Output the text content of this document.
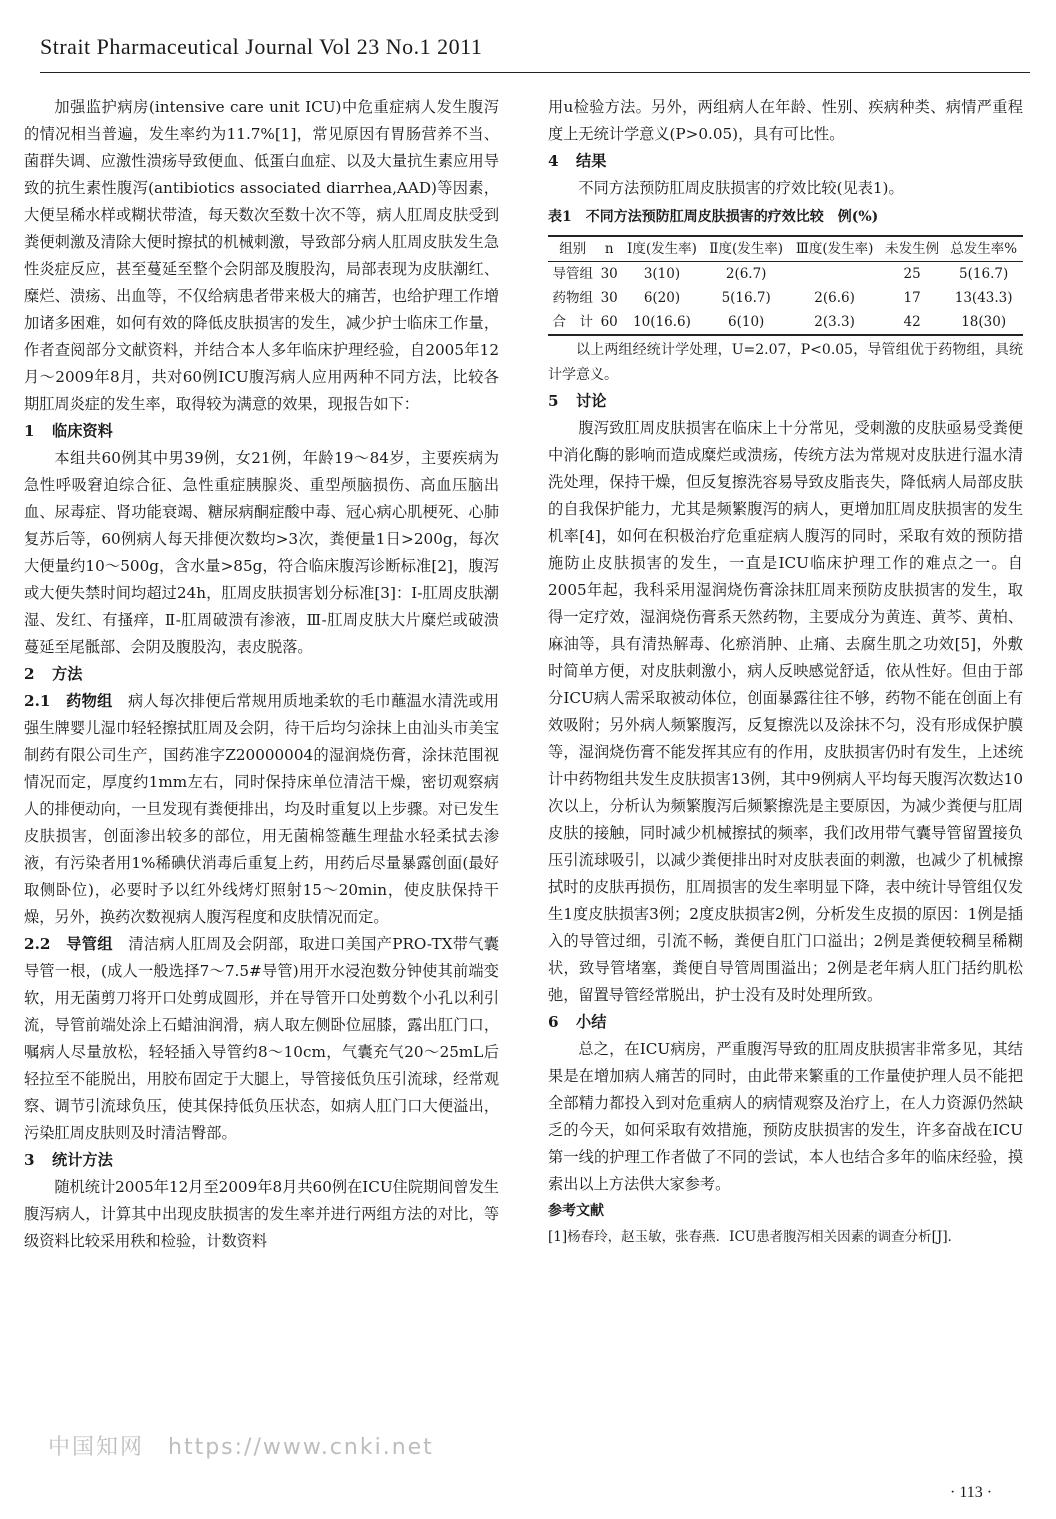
Strait Pharmaceutical Journal Vol 23 No.1 2011

加强监护病房(intensive care unit ICU)中危重症病人发生腹泻的情况相当普遍，发生率约为11.7%[1]，常见原因有胃肠营养不当、菌群失调、应激性溃疡导致便血、低蛋白血症、以及大量抗生素应用导致的抗生素性腹泻(antibiotics associated diarrhea,AAD)等因素，大便呈稀水样或糊状带渣，每天数次至数十次不等，病人肛周皮肤受到粪便刺激及清除大便时擦拭的机械刺激，导致部分病人肛周皮肤发生急性炎症反应，甚至蔓延至整个会阴部及腹股沟，局部表现为皮肤潮红、糜烂、溃疡、出血等，不仅给病患者带来极大的痛苦，也给护理工作增加诸多困难，如何有效的降低皮肤损害的发生，减少护士临床工作量，作者查阅部分文献资料，并结合本人多年临床护理经验，自2005年12月～2009年8月，共对60例ICU腹泻病人应用两种不同方法，比较各期肛周炎症的发生率，取得较为满意的效果，现报告如下：

1 临床资料

本组共60例其中男39例，女21例，年龄19～84岁，主要疾病为急性呼吸窘迫综合征、急性重症胰腺炎、重型颅脑损伤、高血压脑出血、尿毒症、肾功能衰竭、糖尿病酮症酸中毒、冠心病心肌梗死、心肺复苏后等，60例病人每天排便次数均>3次，粪便量1日>200g，每次大便量约10～500g，含水量>85g，符合临床腹泻诊断标准[2]，腹泻或大便失禁时间均超过24h，肛周皮肤损害划分标准[3]：Ⅰ-肛周皮肤潮湿、发红、有搔痒，Ⅱ-肛周破溃有渗液，Ⅲ-肛周皮肤大片糜烂或破溃蔓延至尾骶部、会阴及腹股沟，表皮脱落。

2 方法

2.1　药物组　 病人每次排便后常规用质地柔软的毛巾蘸温水清洗或用强生牌婴儿湿巾轻轻擦拭肛周及会阴，待干后均匀涂抹上由汕头市美宝制药有限公司生产，国药准字Z20000004的湿润烧伤膏，涂抹范围视情况而定，厚度约1mm左右，同时保持床单位清洁干燥，密切观察病人的排便动向，一旦发现有粪便排出，均及时重复以上步骤。对已发生皮肤损害，创面渗出较多的部位，用无菌棉签蘸生理盐水轻柔拭去渗液，有污染者用1%稀碘伏消毒后重复上药，用药后尽量暴露创面(最好取侧卧位)，必要时予以红外线烤灯照射15～20min，使皮肤保持干燥，另外，换药次数视病人腹泻程度和皮肤情况而定。

2.2　导管组　 清洁病人肛周及会阴部，取进口美国产PRO-TX带气囊导管一根，(成人一般选择7～7.5#导管)用开水浸泡数分钟使其前端变软，用无菌剪刀将开口处剪成圆形，并在导管开口处剪数个小孔以利引流，导管前端处涂上石蜡油润滑，病人取左侧卧位屈膝，露出肛门口，嘱病人尽量放松，轻轻插入导管约8～10cm，气囊充气20～25mL后轻拉至不能脱出，用胶布固定于大腿上，导管接低负压引流球，经常观察、调节引流球负压，使其保持低负压状态，如病人肛门口大便溢出，污染肛周皮肤则及时清洁臀部。

3 统计方法

随机统计2005年12月至2009年8月共60例在ICU住院期间曾发生腹泻病人，计算其中出现皮肤损害的发生率并进行两组方法的对比，等级资料比较采用秩和检验，计数资料

用u检验方法。另外，两组病人在年龄、性别、疾病种类、病情严重程度上无统计学意义(P>0.05)，具有可比性。

4 结果

不同方法预防肛周皮肤损害的疗效比较(见表1)。

表1　不同方法预防肛周皮肤损害的疗效比较　例(%)

组别	n	Ⅰ度(发生率)	Ⅱ度(发生率)	Ⅲ度(发生率)	未发生例	总发生率%
导管组	30	3(10)	2(6.7)		25	5(16.7)
药物组	30	6(20)	5(16.7)	2(6.6)	17	13(43.3)
合　计	60	10(16.6)	6(10)	2(3.3)	42	18(30)

以上两组经统计学处理，U=2.07，P<0.05，导管组优于药物组，具统计学意义。

5 讨论

腹泻致肛周皮肤损害在临床上十分常见，受刺激的皮肤亟易受粪便中消化酶的影响而造成糜烂或溃疡，传统方法为常规对皮肤进行温水清洗处理，保持干燥，但反复擦洗容易导致皮脂丧失，降低病人局部皮肤的自我保护能力，尤其是频繁腹泻的病人，更增加肛周皮肤损害的发生机率[4]，如何在积极治疗危重症病人腹泻的同时，采取有效的预防措施防止皮肤损害的发生，一直是ICU临床护理工作的难点之一。自2005年起，我科采用湿润烧伤膏涂抹肛周来预防皮肤损害的发生，取得一定疗效，湿润烧伤膏系天然药物，主要成分为黄连、黄芩、黄柏、麻油等，具有清热解毒、化瘀消肿、止痛、去腐生肌之功效[5]，外敷时简单方便，对皮肤刺激小，病人反映感觉舒适，依从性好。但由于部分ICU病人需采取被动体位，创面暴露往往不够，药物不能在创面上有效吸附；另外病人频繁腹泻，反复擦洗以及涂抹不匀，没有形成保护膜等，湿润烧伤膏不能发挥其应有的作用，皮肤损害仍时有发生，上述统计中药物组共发生皮肤损害13例，其中9例病人平均每天腹泻次数达10次以上，分析认为频繁腹泻后频繁擦洗是主要原因，为减少粪便与肛周皮肤的接触，同时减少机械擦拭的频率，我们改用带气囊导管留置接负压引流球吸引，以减少粪便排出时对皮肤表面的刺激，也减少了机械擦拭时的皮肤再损伤，肛周损害的发生率明显下降，表中统计导管组仅发生1度皮肤损害3例；2度皮肤损害2例，分析发生皮损的原因：1例是插入的导管过细，引流不畅，粪便自肛门口溢出；2例是粪便较稠呈稀糊状，致导管堵塞，粪便自导管周围溢出；2例是老年病人肛门括约肌松弛，留置导管经常脱出，护士没有及时处理所致。

6 小结

总之，在ICU病房，严重腹泻导致的肛周皮肤损害非常多见，其结果是在增加病人痛苦的同时，由此带来繁重的工作量使护理人员不能把全部精力都投入到对危重病人的病情观察及治疗上，在人力资源仍然缺乏的今天，如何采取有效措施，预防皮肤损害的发生，许多奋战在ICU第一线的护理工作者做了不同的尝试，本人也结合多年的临床经验，摸索出以上方法供大家参考。

参考文献

[1]杨春玲，赵玉敏，张春燕．ICU患者腹泻相关因素的调查分析[J]．

中国知网　https://www.cnki.net
· 113 ·
